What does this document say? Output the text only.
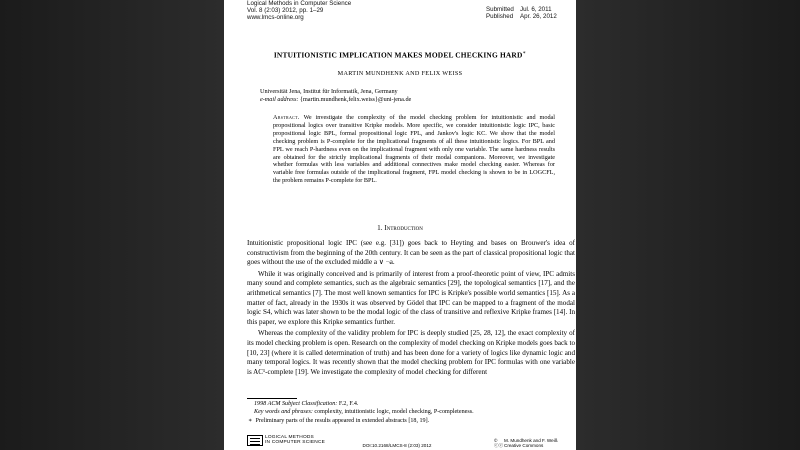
Logical Methods in Computer Science
Vol. 8 (2:03) 2012, pp. 1–29
www.lmcs-online.org
Submitted Jul. 6, 2011
Published Apr. 26, 2012
INTUITIONISTIC IMPLICATION MAKES MODEL CHECKING HARD∗
MARTIN MUNDHENK AND FELIX WEISS
Universität Jena, Institut für Informatik, Jena, Germany
e-mail address: {martin.mundhenk,felix.weiss}@uni-jena.de
Abstract. We investigate the complexity of the model checking problem for intuitionistic and modal propositional logics over transitive Kripke models. More specific, we consider intuitionistic logic IPC, basic propositional logic BPL, formal propositional logic FPL, and Jankov's logic KC. We show that the model checking problem is P-complete for the implicational fragments of all these intuitionistic logics. For BPL and FPL we reach P-hardness even on the implicational fragment with only one variable. The same hardness results are obtained for the strictly implicational fragments of their modal companions. Moreover, we investigate whether formulas with less variables and additional connectives make model checking easier. Whereas for variable free formulas outside of the implicational fragment, FPL model checking is shown to be in LOGCFL, the problem remains P-complete for BPL.
1. Introduction

Intuitionistic propositional logic IPC (see e.g. [31]) goes back to Heyting and bases on Brouwer's idea of constructivism from the beginning of the 20th century. It can be seen as the part of classical propositional logic that goes without the use of the excluded middle a ∨ ¬a.

While it was originally conceived and is primarily of interest from a proof-theoretic point of view, IPC admits many sound and complete semantics, such as the algebraic semantics [29], the topological semantics [17], and the arithmetical semantics [7]. The most well known semantics for IPC is Kripke's possible world semantics [15]. As a matter of fact, already in the 1930s it was observed by Gödel that IPC can be mapped to a fragment of the modal logic S4, which was later shown to be the modal logic of the class of transitive and reflexive Kripke frames [14]. In this paper, we explore this Kripke semantics further.

Whereas the complexity of the validity problem for IPC is deeply studied [25, 28, 12], the exact complexity of its model checking problem is open. Research on the complexity of model checking on Kripke models goes back to [10, 23] (where it is called determination of truth) and has been done for a variety of logics like dynamic logic and many temporal logics. It was recently shown that the model checking problem for IPC formulas with one variable is AC¹-complete [19]. We investigate the complexity of model checking for different

1998 ACM Subject Classification: F.2, F.4.
Key words and phrases: complexity, intuitionistic logic, model checking, P-completeness.
∗ Preliminary parts of the results appeared in extended abstracts [18, 19].
LOGICAL METHODS
IN COMPUTER SCIENCE
DOI:10.2168/LMCS-8 (2:03) 2012
© M. Mundhenk and F. Weiß
ⓒⓒCreative Commons
